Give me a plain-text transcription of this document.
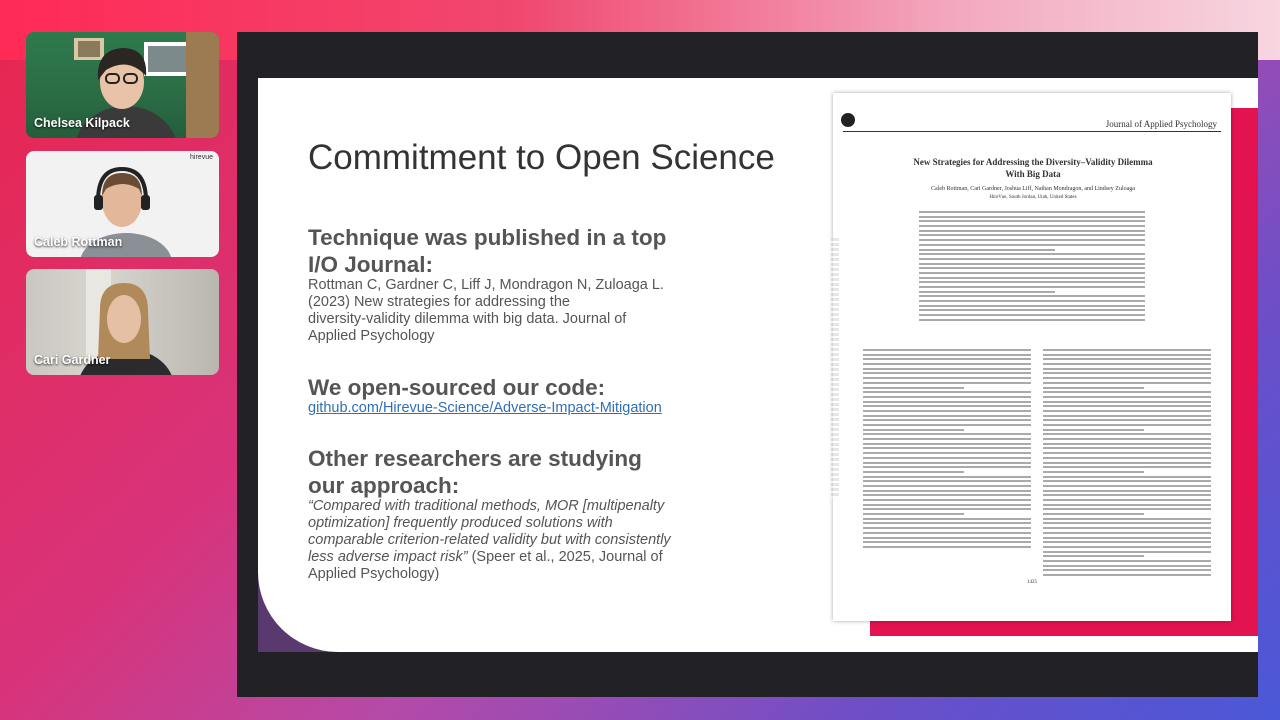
Chelsea Kilpack
hirevue
Caleb Rottman
Cari Gardner
Commitment to Open Science
Technique was published in a top
I/O Journal:
Rottman C, Gardner C, Liff J, Mondragon N, Zuloaga L.
(2023) New strategies for addressing the
diversity-validity dilemma with big data. Journal of
Applied Psychology
We open-sourced our code:
github.com/Hirevue-Science/Adverse-Impact-Mitigation
Other researchers are studying
our approach:
“Compared with traditional methods, MOR [multipenalty
optimization] frequently produced solutions with
comparable criterion-related validity but with consistently
less adverse impact risk” (Speer et al., 2025, Journal of
Applied Psychology)
Journal of Applied Psychology
New Strategies for Addressing the Diversity–Validity Dilemma
With Big Data
Caleb Rottman, Cari Gardner, Joshua Liff, Nathan Mondragon, and Lindsey Zuloaga
HireVue, South Jordan, Utah, United States
1425
